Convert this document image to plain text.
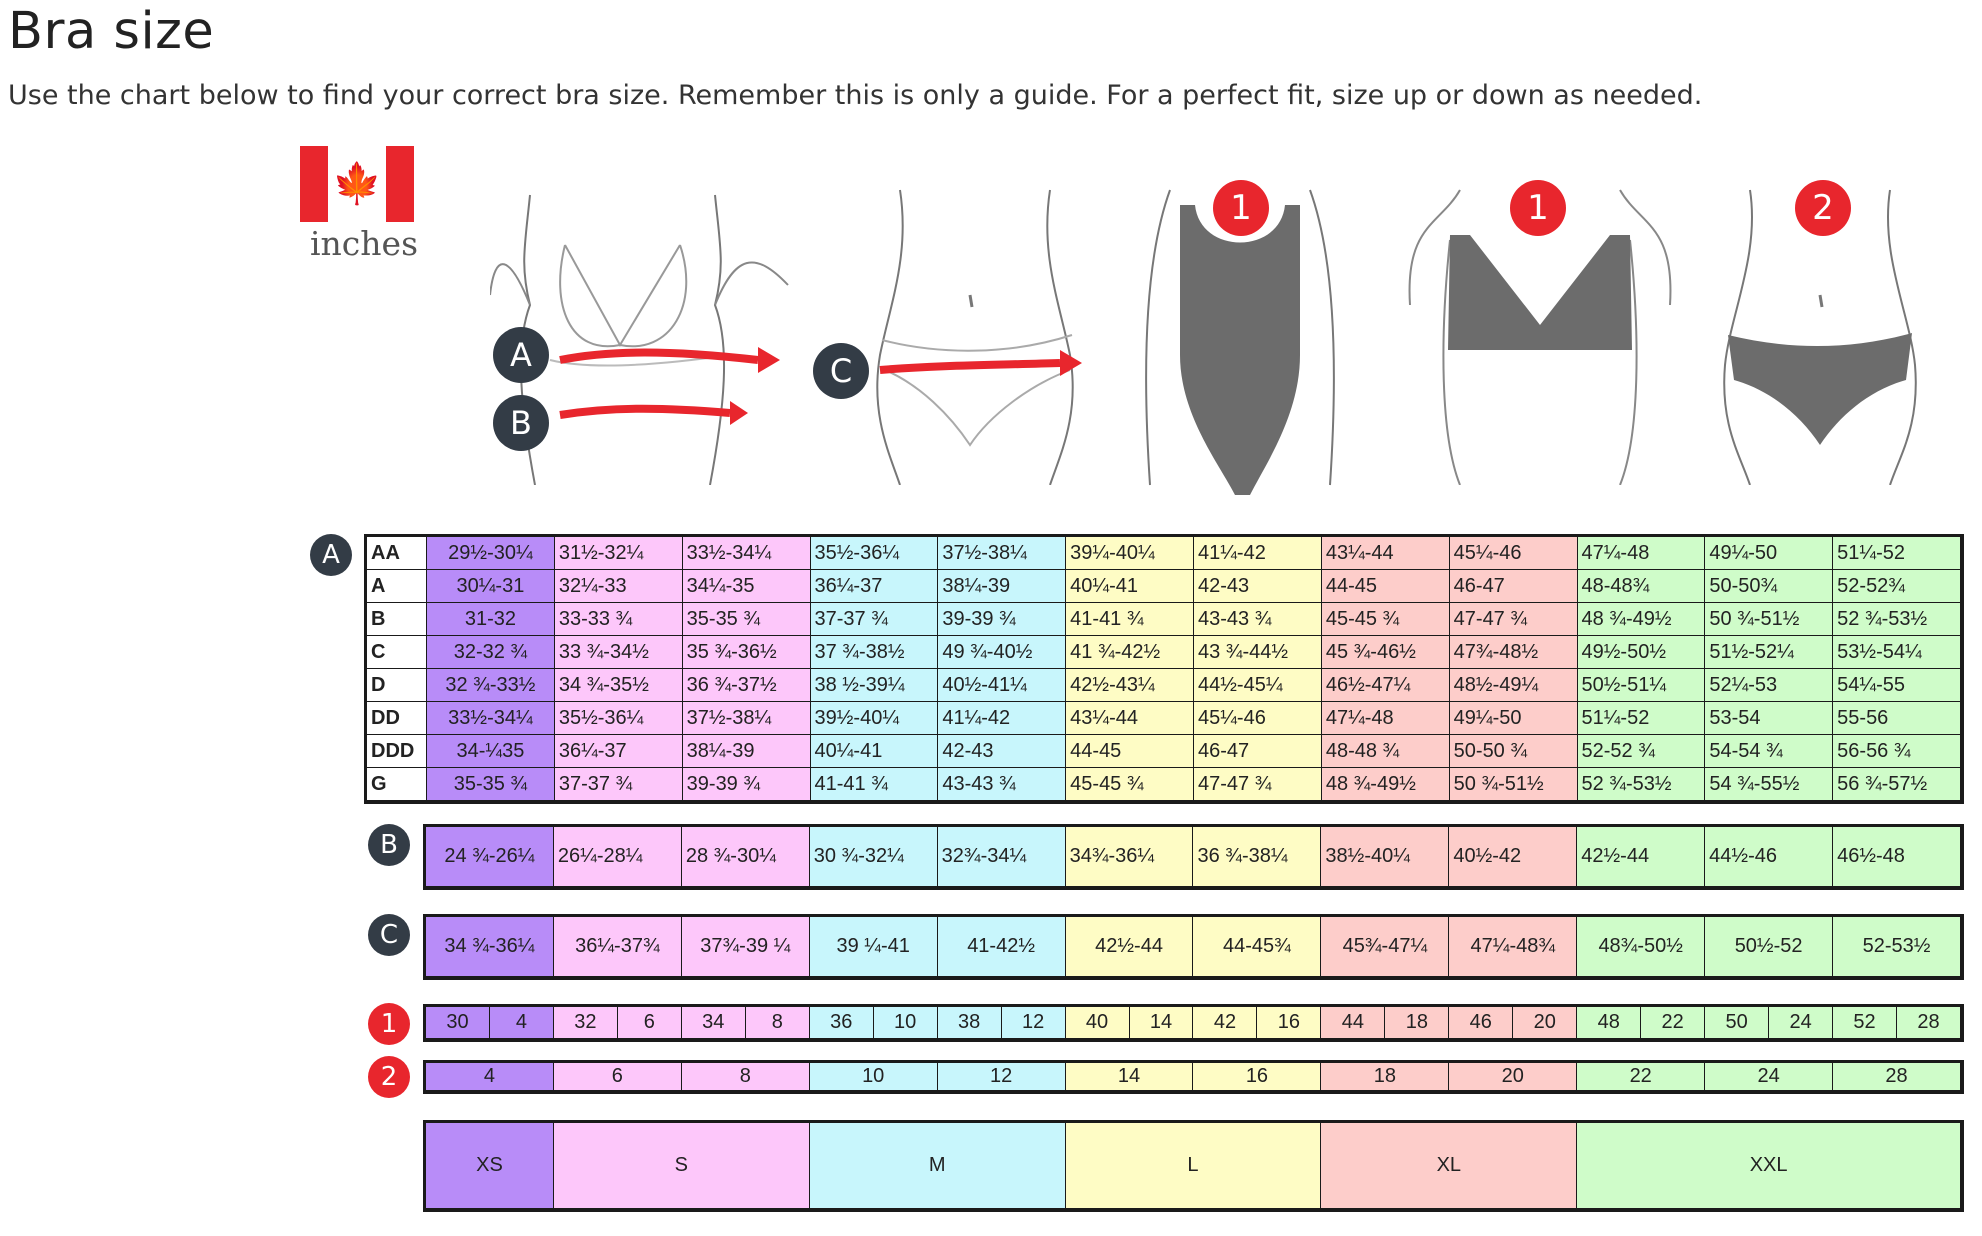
Bra size
Use the chart below to find your correct bra size. Remember this is only a guide. For a perfect fit, size up or down as needed.
🍁
inches
A
B
C
1	1	2
A
B
C
1
2
AA	29½-30¼	31½-32¼	33½-34¼	35½-36¼	37½-38¼	39¼-40¼	41¼-42	43¼-44	45¼-46	47¼-48	49¼-50	51¼-52
A	30¼-31	32¼-33	34¼-35	36¼-37	38¼-39	40¼-41	42-43	44-45	46-47	48-48¾	50-50¾	52-52¾
B	31-32	33-33 ¾	35-35 ¾	37-37 ¾	39-39 ¾	41-41 ¾	43-43 ¾	45-45 ¾	47-47 ¾	48 ¾-49½	50 ¾-51½	52 ¾-53½
C	32-32 ¾	33 ¾-34½	35 ¾-36½	37 ¾-38½	49 ¾-40½	41 ¾-42½	43 ¾-44½	45 ¾-46½	47¾-48½	49½-50½	51½-52¼	53½-54¼
D	32 ¾-33½	34 ¾-35½	36 ¾-37½	38 ½-39¼	40½-41¼	42½-43¼	44½-45¼	46½-47¼	48½-49¼	50½-51¼	52¼-53	54¼-55
DD	33½-34¼	35½-36¼	37½-38¼	39½-40¼	41¼-42	43¼-44	45¼-46	47¼-48	49¼-50	51¼-52	53-54	55-56
DDD	34-¼35	36¼-37	38¼-39	40¼-41	42-43	44-45	46-47	48-48 ¾	50-50 ¾	52-52 ¾	54-54 ¾	56-56 ¾
G	35-35 ¾	37-37 ¾	39-39 ¾	41-41 ¾	43-43 ¾	45-45 ¾	47-47 ¾	48 ¾-49½	50 ¾-51½	52 ¾-53½	54 ¾-55½	56 ¾-57½
24 ¾-26¼	26¼-28¼	28 ¾-30¼	30 ¾-32¼	32¾-34¼	34¾-36¼	36 ¾-38¼	38½-40¼	40½-42	42½-44	44½-46	46½-48
34 ¾-36¼	36¼-37¾	37¾-39 ¼	39 ¼-41	41-42½	42½-44	44-45¾	45¾-47¼	47¼-48¾	48¾-50½	50½-52	52-53½
30	4	32	6	34	8	36	10	38	12	40	14	42	16	44	18	46	20	48	22	50	24	52	28
4	6	8	10	12	14	16	18	20	22	24	28
XS	S	M	L	XL	XXL
